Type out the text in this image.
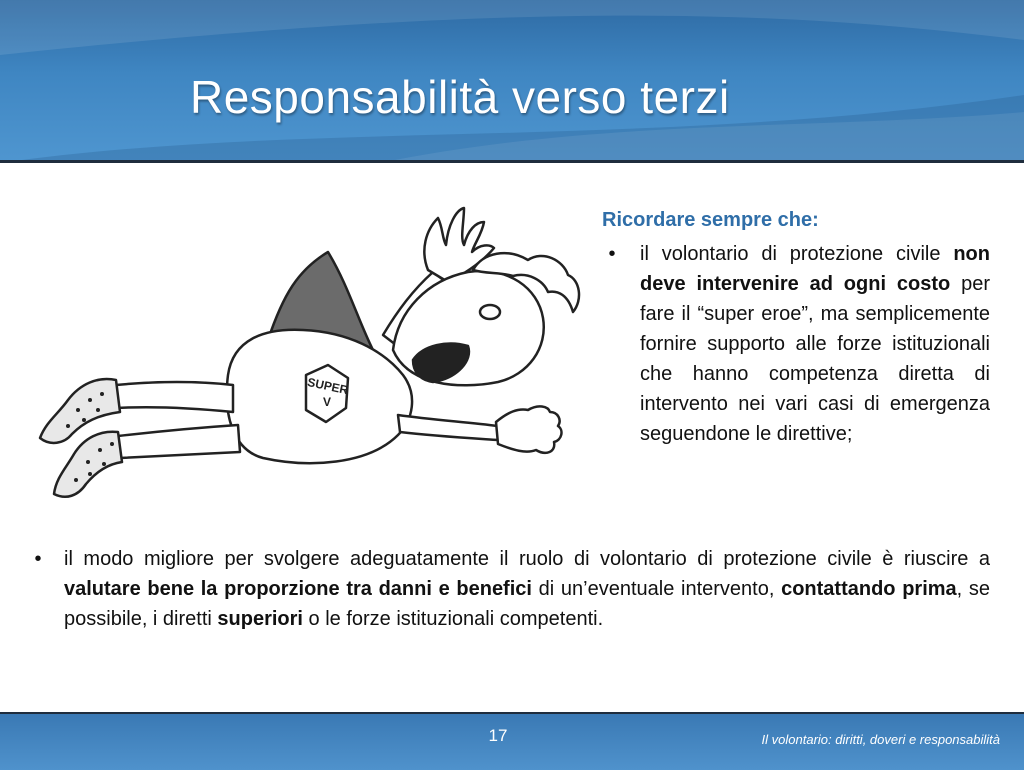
Responsabilità verso terzi
SUPER
V

Ricordare sempre che:

•	il volontario di protezione civile non deve intervenire ad ogni costo per fare il “super eroe”, ma semplicemente fornire supporto alle forze istituzionali che hanno competenza diretta di intervento nei vari casi di emergenza seguendone le direttive;
•	il modo migliore per svolgere adeguatamente il ruolo di volontario di protezione civile è riuscire a valutare bene la proporzione tra danni e benefici di un’eventuale intervento, contattando prima, se possibile, i diretti superiori o le forze istituzionali competenti.
17	Il volontario: diritti, doveri e responsabilità
